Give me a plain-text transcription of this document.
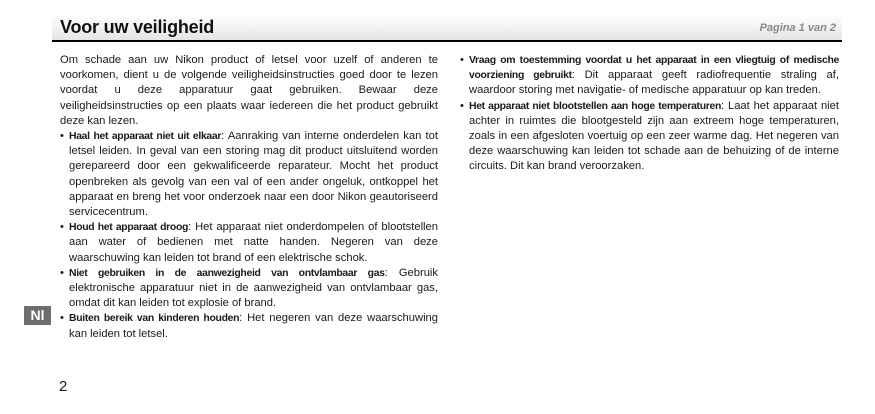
Voor uw veiligheid	Pagina 1 van 2

Om schade aan uw Nikon product of letsel voor uzelf of anderen te voorkomen, dient u de volgende veiligheidsinstructies goed door te lezen voordat u deze apparatuur gaat gebruiken. Bewaar deze veiligheidsinstructies op een plaats waar iedereen die het product gebruikt deze kan lezen.

• Haal het apparaat niet uit elkaar: Aanraking van interne onderdelen kan tot letsel leiden. In geval van een storing mag dit product uitsluitend worden gerepareerd door een gekwalificeerde reparateur. Mocht het product openbreken als gevolg van een val of een ander ongeluk, ontkoppel het apparaat en breng het voor onderzoek naar een door Nikon geautoriseerd servicecentrum.
• Houd het apparaat droog: Het apparaat niet onderdompelen of blootstellen aan water of bedienen met natte handen. Negeren van deze waarschuwing kan leiden tot brand of een elektrische schok.
• Niet gebruiken in de aanwezigheid van ontvlambaar gas: Gebruik elektronische apparatuur niet in de aanwezigheid van ontvlambaar gas, omdat dit kan leiden tot explosie of brand.
• Buiten bereik van kinderen houden: Het negeren van deze waarschuwing kan leiden tot letsel.
• Vraag om toestemming voordat u het apparaat in een vliegtuig of medische voorziening gebruikt: Dit apparaat geeft radiofrequentie straling af, waardoor storing met navigatie- of medische apparatuur op kan treden.
• Het apparaat niet blootstellen aan hoge temperaturen: Laat het apparaat niet achter in ruimtes die blootgesteld zijn aan extreem hoge temperaturen, zoals in een afgesloten voertuig op een zeer warme dag. Het negeren van deze waarschuwing kan leiden tot schade aan de behuizing of de interne circuits. Dit kan brand veroorzaken.
Nl
2
